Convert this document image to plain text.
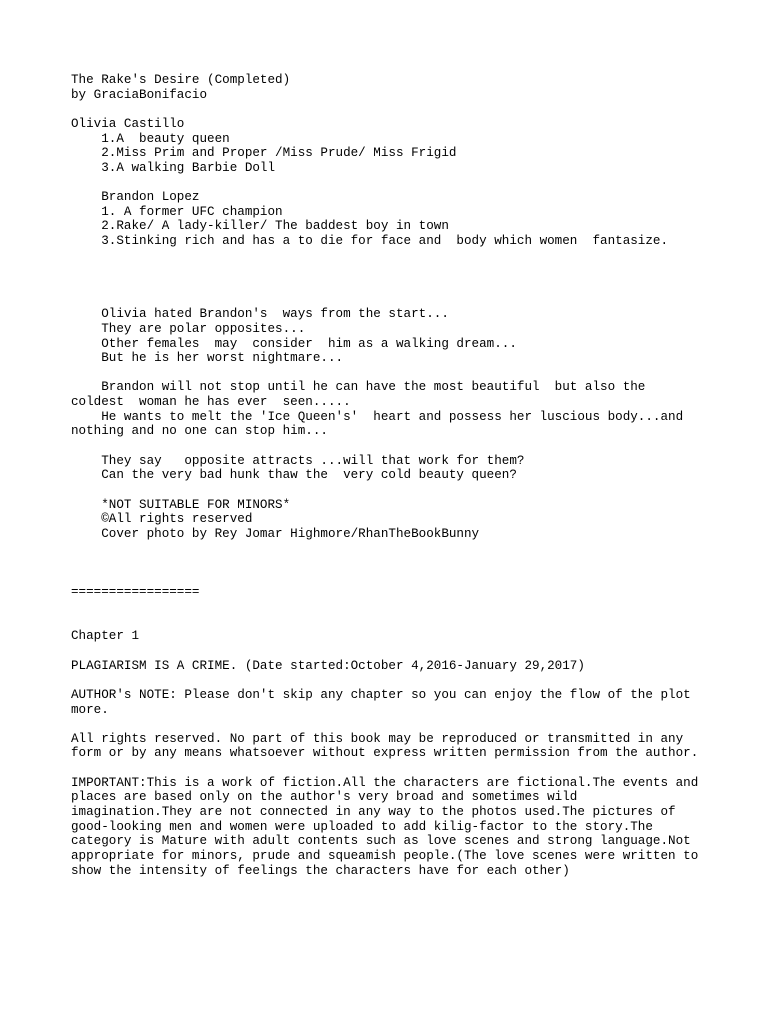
The Rake's Desire (Completed)
by GraciaBonifacio
Olivia Castillo
1.A  beauty queen
2.Miss Prim and Proper /Miss Prude/ Miss Frigid
3.A walking Barbie Doll
Brandon Lopez
1. A former UFC champion
2.Rake/ A lady-killer/ The baddest boy in town
3.Stinking rich and has a to die for face and  body which women  fantasize.
Olivia hated Brandon's  ways from the start...
They are polar opposites...
Other females  may  consider  him as a walking dream...
But he is her worst nightmare...
Brandon will not stop until he can have the most beautiful  but also the
coldest  woman he has ever  seen.....
He wants to melt the 'Ice Queen's'  heart and possess her luscious body...and
nothing and no one can stop him...
They say   opposite attracts ...will that work for them?
Can the very bad hunk thaw the  very cold beauty queen?
*NOT SUITABLE FOR MINORS*
©All rights reserved
Cover photo by Rey Jomar Highmore/RhanTheBookBunny
=================
Chapter 1
PLAGIARISM IS A CRIME. (Date started:October 4,2016-January 29,2017)
AUTHOR's NOTE: Please don't skip any chapter so you can enjoy the flow of the plot
more.
All rights reserved. No part of this book may be reproduced or transmitted in any
form or by any means whatsoever without express written permission from the author.
IMPORTANT:This is a work of fiction.All the characters are fictional.The events and
places are based only on the author's very broad and sometimes wild
imagination.They are not connected in any way to the photos used.The pictures of
good-looking men and women were uploaded to add kilig-factor to the story.The
category is Mature with adult contents such as love scenes and strong language.Not
appropriate for minors, prude and squeamish people.(The love scenes were written to
show the intensity of feelings the characters have for each other)
